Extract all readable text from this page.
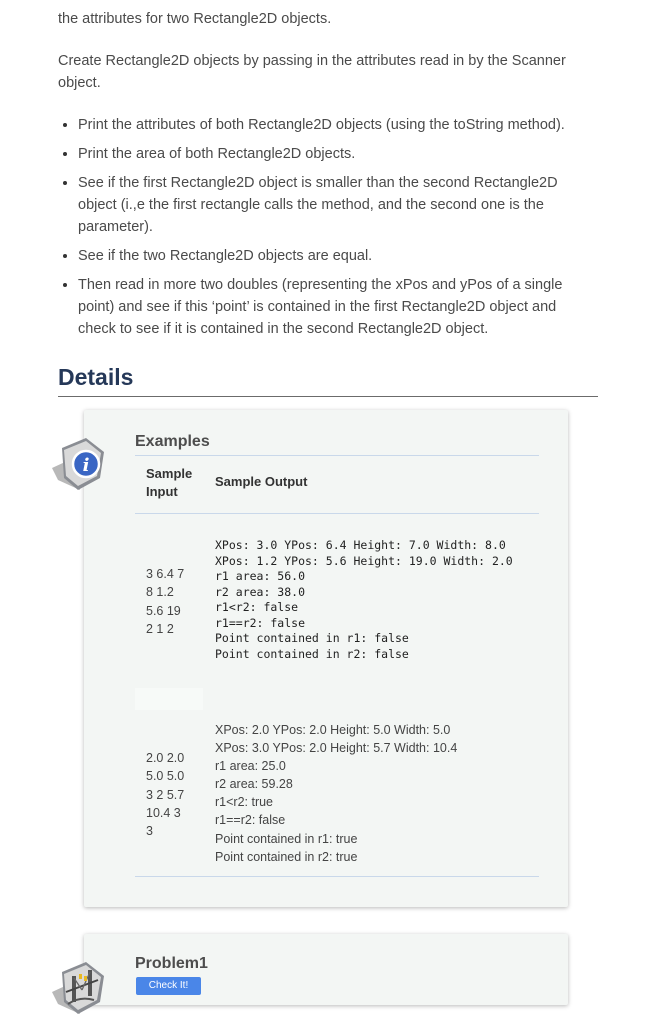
the attributes for two Rectangle2D objects.

Create Rectangle2D objects by passing in the attributes read in by the Scanner object.

• Print the attributes of both Rectangle2D objects (using the toString method).
• Print the area of both Rectangle2D objects.
• See if the first Rectangle2D object is smaller than the second Rectangle2D object (i.,e the first rectangle calls the method, and the second one is the parameter).
• See if the two Rectangle2D objects are equal.
• Then read in more two doubles (representing the xPos and yPos of a single point) and see if this ‘point’ is contained in the first Rectangle2D object and check to see if it is contained in the second Rectangle2D object.
Details
i
Examples
Sample Input
Sample Output
3 6.4 7
8 1.2
5.6 19
2 1 2
XPos: 3.0 YPos: 6.4 Height: 7.0 Width: 8.0
XPos: 1.2 YPos: 5.6 Height: 19.0 Width: 2.0
r1 area: 56.0
r2 area: 38.0
r1<r2: false
r1==r2: false
Point contained in r1: false
Point contained in r2: false
2.0 2.0
5.0 5.0
3 2 5.7
10.4 3
3
XPos: 2.0 YPos: 2.0 Height: 5.0 Width: 5.0
XPos: 3.0 YPos: 2.0 Height: 5.7 Width: 10.4
r1 area: 25.0
r2 area: 59.28
r1<r2: true
r1==r2: false
Point contained in r1: true
Point contained in r2: true
Problem1
Check It!
